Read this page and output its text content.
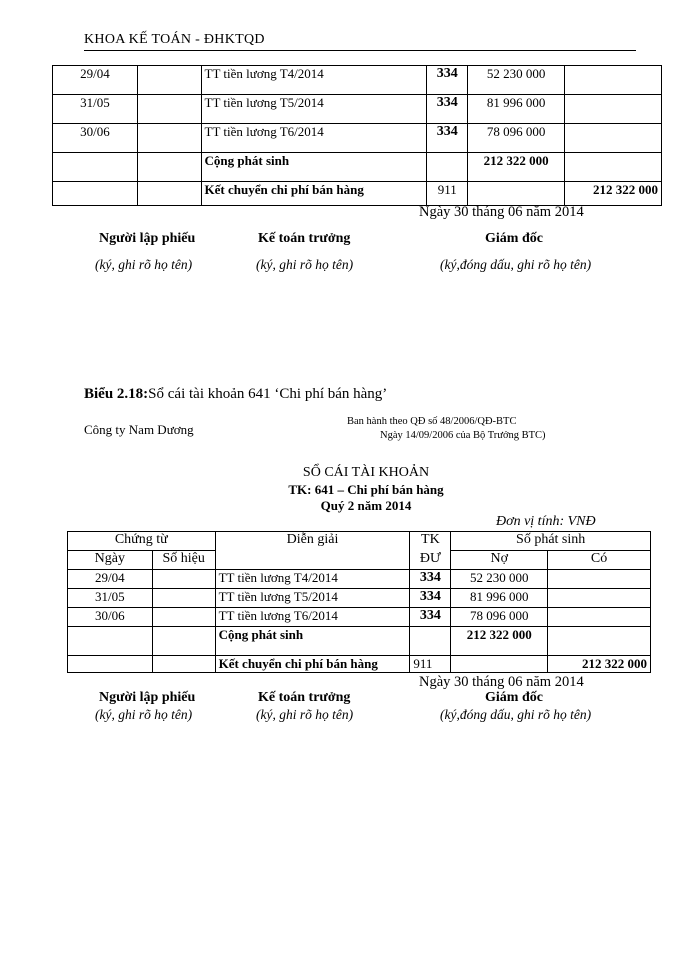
KHOA KẾ TOÁN - ĐHKTQD
29/04		TT tiền lương T4/2014	334	52 230 000	
31/05		TT tiền lương T5/2014	334	81 996 000	
30/06		TT tiền lương T6/2014	334	78 096 000	
		Cộng phát sinh		212 322 000	
		Kết chuyển chi phí bán hàng	911		212 322 000
Ngày 30 tháng 06 năm 2014
Người lập phiếu	Kế toán trưởng	Giám đốc
(ký, ghi rõ họ tên)	(ký, ghi rõ họ tên)	(ký,đóng dấu, ghi rõ họ tên)
Biểu 2.18:Sổ cái tài khoản 641 ‘Chi phí bán hàng’
Công ty Nam Dương
Ban hành theo QĐ số 48/2006/QĐ-BTC
Ngày 14/09/2006 của Bộ Trưởng BTC)
SỔ CÁI TÀI KHOẢN
TK: 641 – Chi phí bán hàng
Quý 2 năm 2014
Đơn vị tính: VNĐ
Chứng từ		Diễn giải	TK	Số phát sinh	
Ngày	Số hiệu		ĐƯ	Nợ	Có
29/04		TT tiền lương T4/2014	334	52 230 000	
31/05		TT tiền lương T5/2014	334	81 996 000	
30/06		TT tiền lương T6/2014	334	78 096 000	
		Cộng phát sinh		212 322 000	
		Kết chuyển chi phí bán hàng	911		212 322 000
Ngày 30 tháng 06 năm 2014
Người lập phiếu	Kế toán trưởng	Giám đốc
(ký, ghi rõ họ tên)	(ký, ghi rõ họ tên)	(ký,đóng dấu, ghi rõ họ tên)
